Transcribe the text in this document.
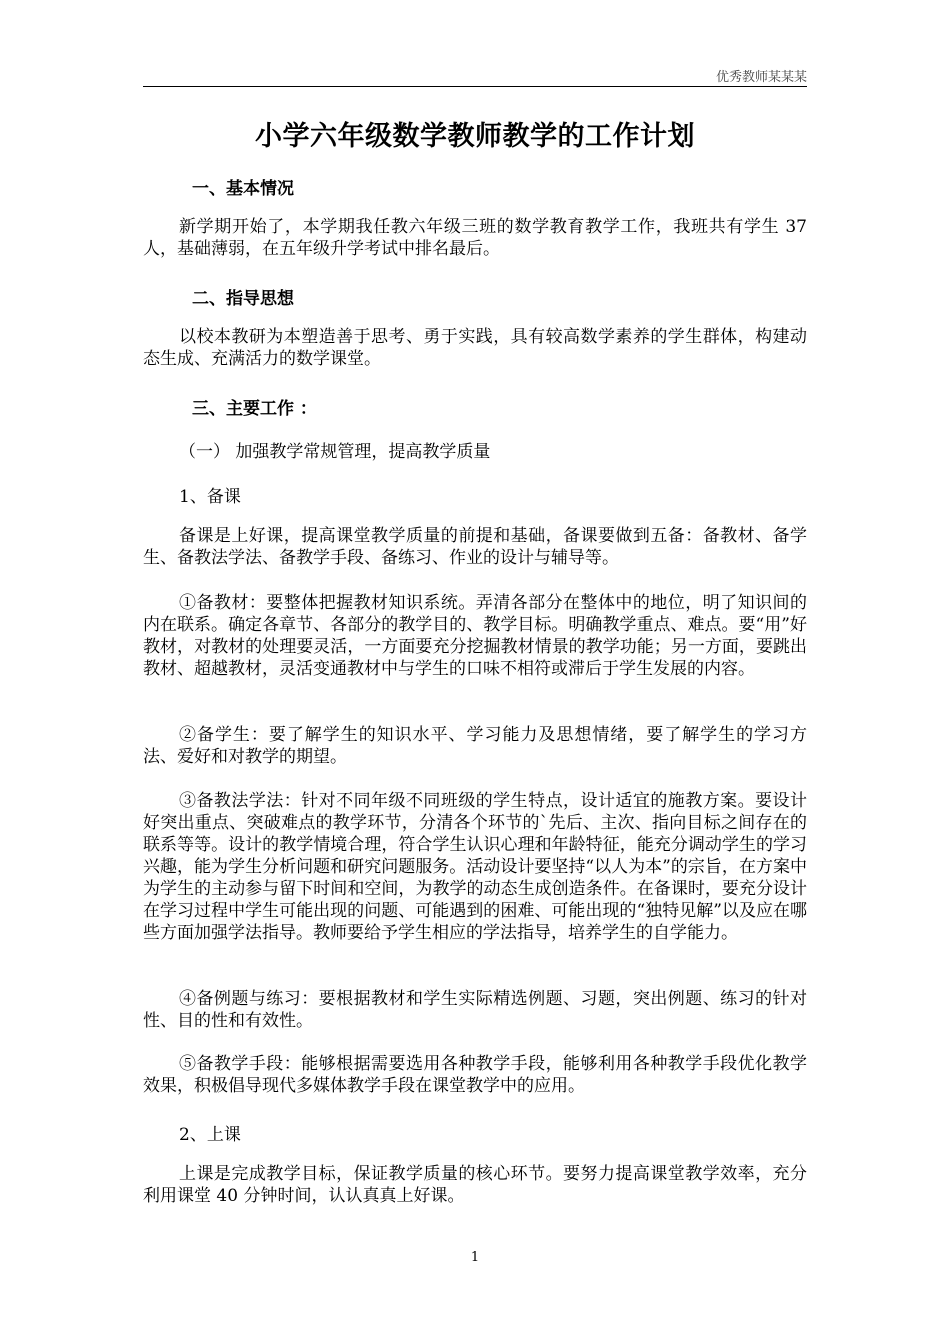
优秀教师某某某
小学六年级数学教师教学的工作计划
一、基本情况
新学期开始了，本学期我任教六年级三班的数学教育教学工作，我班共有学生 37 人，基础薄弱，在五年级升学考试中排名最后。
二、指导思想
以校本教研为本塑造善于思考、勇于实践，具有较高数学素养的学生群体，构建动态生成、充满活力的数学课堂。
三、主要工作 ：
（一） 加强教学常规管理，提高教学质量
1、备课
备课是上好课，提高课堂教学质量的前提和基础，备课要做到五备：备教材、备学生、备教法学法、备教学手段、备练习、作业的设计与辅导等。
①备教材：要整体把握教材知识系统。弄清各部分在整体中的地位，明了知识间的内在联系。确定各章节、各部分的教学目的、教学目标。明确教学重点、难点。要“用”好教材，对教材的处理要灵活，一方面要充分挖掘教材情景的教学功能；另一方面，要跳出教材、超越教材，灵活变通教材中与学生的口味不相符或滞后于学生发展的内容。
②备学生：要了解学生的知识水平、学习能力及思想情绪，要了解学生的学习方法、爱好和对教学的期望。
③备教法学法：针对不同年级不同班级的学生特点，设计适宜的施教方案。要设计好突出重点、突破难点的教学环节，分清各个环节的`先后、主次、指向目标之间存在的联系等等。设计的教学情境合理，符合学生认识心理和年龄特征，能充分调动学生的学习兴趣，能为学生分析问题和研究问题服务。活动设计要坚持“以人为本”的宗旨，在方案中为学生的主动参与留下时间和空间，为教学的动态生成创造条件。在备课时，要充分设计在学习过程中学生可能出现的问题、可能遇到的困难、可能出现的“独特见解”以及应在哪些方面加强学法指导。教师要给予学生相应的学法指导，培养学生的自学能力。
④备例题与练习：要根据教材和学生实际精选例题、习题，突出例题、练习的针对性、目的性和有效性。
⑤备教学手段：能够根据需要选用各种教学手段，能够利用各种教学手段优化教学效果，积极倡导现代多媒体教学手段在课堂教学中的应用。
2、上课
上课是完成教学目标，保证教学质量的核心环节。要努力提高课堂教学效率，充分利用课堂 40 分钟时间，认认真真上好课。
1
